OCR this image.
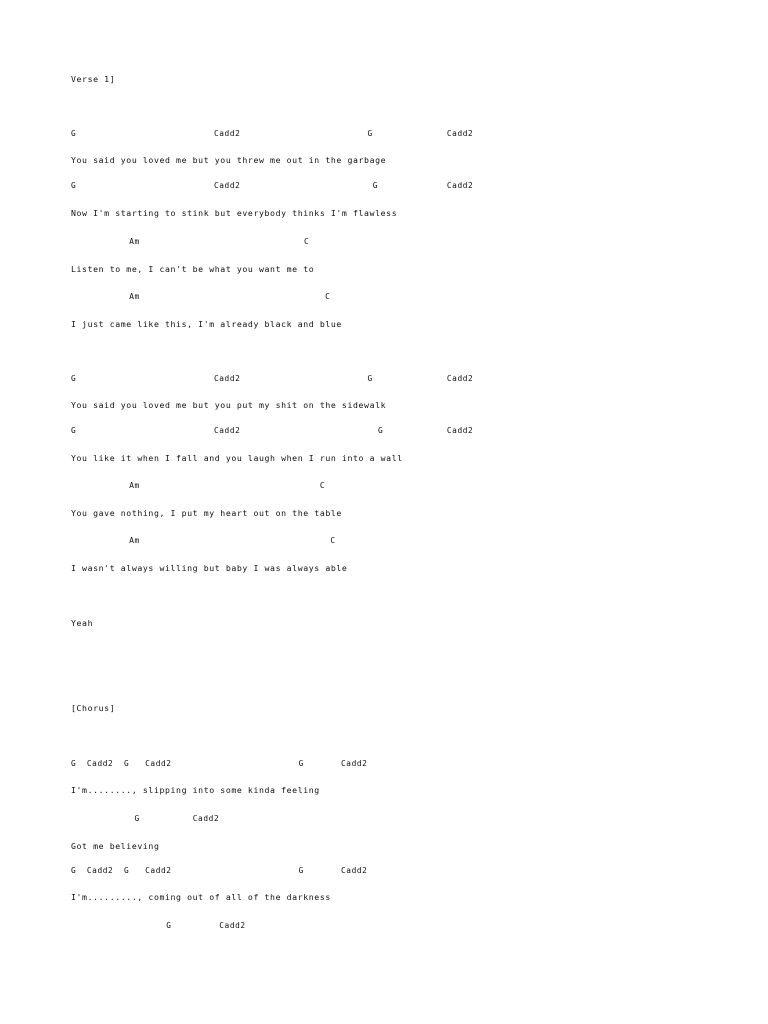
Verse 1]
G                          Cadd2                        G              Cadd2
You said you loved me but you threw me out in the garbage
G                          Cadd2                         G             Cadd2
Now I'm starting to stink but everybody thinks I'm flawless
Am                               C
Listen to me, I can't be what you want me to
Am                                   C
I just came like this, I'm already black and blue
G                          Cadd2                        G              Cadd2
You said you loved me but you put my shit on the sidewalk
G                          Cadd2                          G            Cadd2
You like it when I fall and you laugh when I run into a wall
Am                                  C
You gave nothing, I put my heart out on the table
Am                                    C
I wasn't always willing but baby I was always able
Yeah
[Chorus]
G  Cadd2  G   Cadd2                        G       Cadd2
I'm........, slipping into some kinda feeling
G          Cadd2
Got me believing
G  Cadd2  G   Cadd2                        G       Cadd2
I'm........., coming out of all of the darkness
G         Cadd2
